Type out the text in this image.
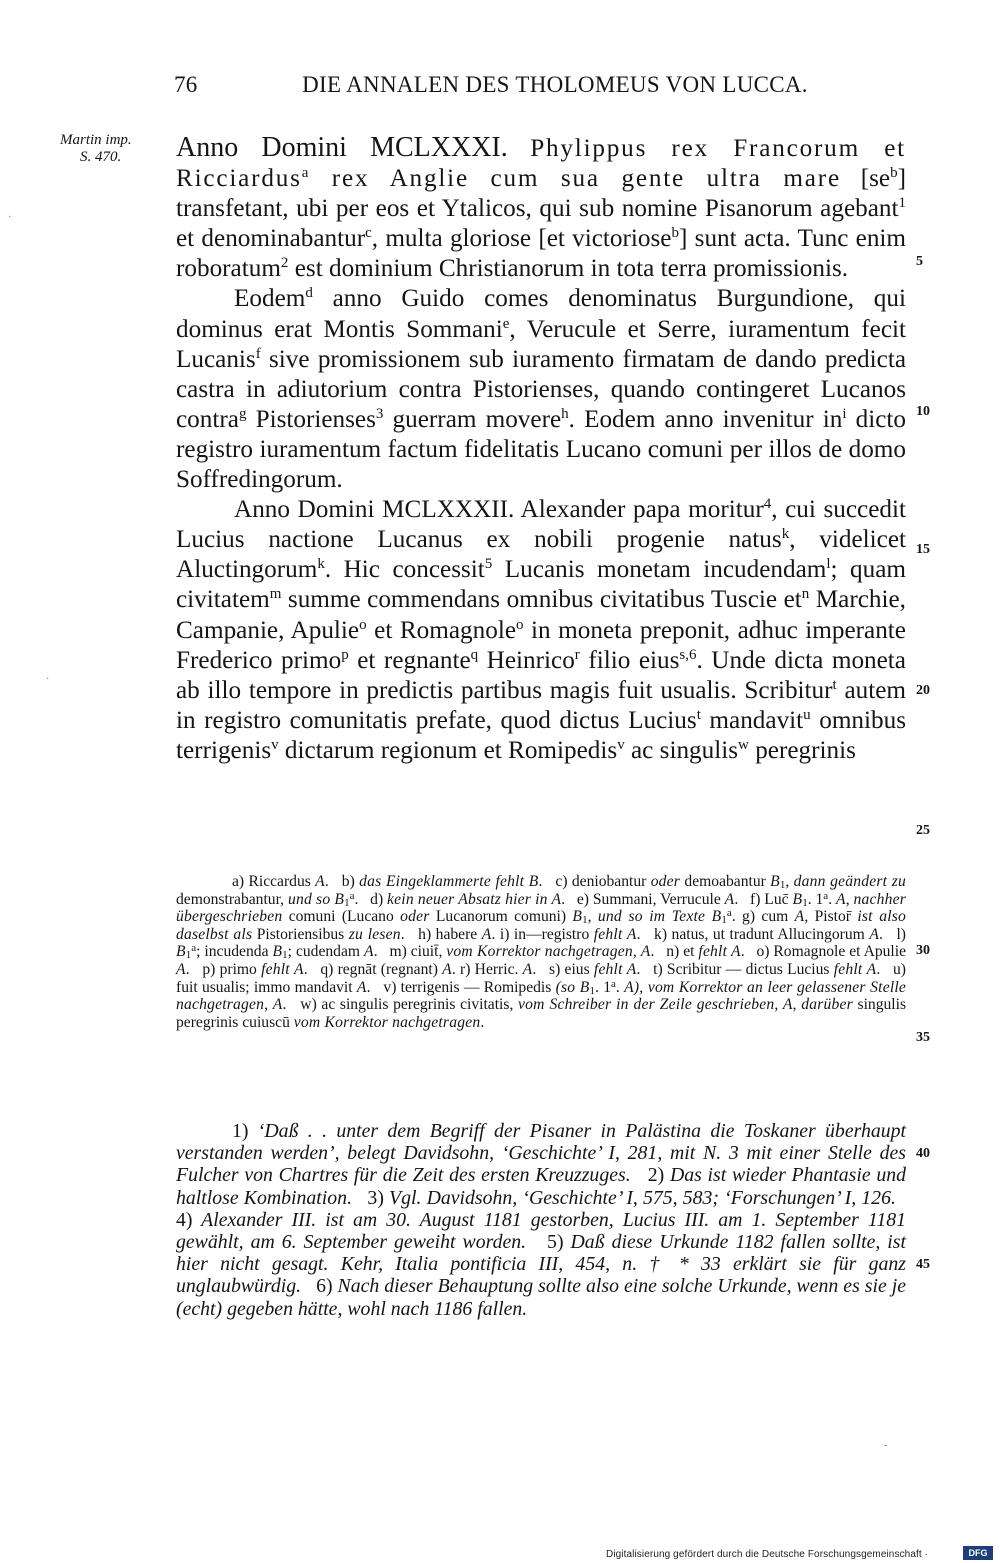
76	DIE ANNALEN DES THOLOMEUS VON LUCCA.
Martin imp.
S. 470.	Anno Domini MCLXXXI. Phylippus rex Francorum et Ricciardus$^a$ rex Anglie cum sua gente ultra mare $[se^b]$ transfetant, ubi per eos et Ytalicos, qui sub nomine Pisanorum agebant$^1$ et denominabantur$^c$, multa gloriose [et victoriose$^b$] sunt acta. Tunc enim roboratum$^2$ est dominium Christianorum in tota terra promissionis.

Eodem$^d$ anno Guido comes denominatus Burgundione, qui dominus erat Montis Sommani$^e$, Verucule et Serre, iuramentum fecit Lucanis$^f$ sive promissionem sub iuramento firmatam de dando predicta castra in adiutorium contra Pistorienses, quando contingeret Lucanos contra$^g$ Pistorienses$^3$ guerram movere$^h$. Eodem anno invenitur $in^i$ dicto registro iuramentum factum fidelitatis Lucano comuni per illos de domo Soffredingorum.

Anno Domini MCLXXXII. Alexander papa moritur$^4$, cui succedit Lucius nactione Lucanus ex nobili progenie natus$^k$, videlicet Aluctingorum$^k$. Hic concessit$^5$ Lucanis monetam incudendam$^l$; quam civitatem$^m$ summe commendans omnibus civitatibus Tuscie $et^n$ Marchie, Campanie, Apulie$^o$ et Romagnole$^o$ in moneta preponit, adhuc imperante Frederico primo$^p$ et regnante$^q$ Heinrico$^r$ filio eius$^{s,6}$. Unde dicta moneta ab illo tempore in predictis partibus magis fuit usualis. Scribitur$^t$ autem in registro comunitatis prefate, quod dictus Lucius$^t$ mandavit$^u$ omnibus terrigenis$^v$ dictarum regionum et Romipedis$^v$ ac singulis$^w$ peregrinis

5
10
15
20
25
30
35
40
45

a) Riccardus A.   b) das Eingeklammerte fehlt B.   c) deniobantur oder demoabantur $B_1$, dann geändert zu demonstrabantur, und so $B_1^a$.   d) kein neuer Absatz hier in A.   e) Summani, Verrucule A.   f) Luc̄ $B_1$. 1$^a$. A, nachher übergeschrieben comuni (Lucano oder Lucanorum comuni) $B_1$, und so im Texte $B_1^a$. g) cum A, Pistor̄ ist also daselbst als Pistoriensibus zu lesen.   h) habere A. i) in—registro fehlt A.   k) natus, ut tradunt Allucingorum A.   l) $B_1^a$; incudenda $B_1$; cudendam A.   m) ciuit̄, vom Korrektor nachgetragen, A.   n) et fehlt A.   o) Romagnole et Apulie A.   p) primo fehlt A.   q) regnāt (regnant) A. r) Herric. A.   s) eius fehlt A.   t) Scribitur — dictus Lucius fehlt A.   u) fuit usualis; immo mandavit A.   v) terrigenis — Romipedis (so $B_1$. 1$^a$. A), vom Korrektor an leer gelassener Stelle nachgetragen, A.   w) ac singulis peregrinis civitatis, vom Schreiber in der Zeile geschrieben, A, darüber singulis peregrinis cuiuscū vom Korrektor nachgetragen.

1) ‘Daß . . unter dem Begriff der Pisaner in Palästina die Toskaner überhaupt verstanden werden’, belegt Davidsohn, ‘Geschichte’ I, 281, mit N. 3 mit einer Stelle des Fulcher von Chartres für die Zeit des ersten Kreuzzuges.   2) Das ist wieder Phantasie und haltlose Kombination.   3) Vgl. Davidsohn, ‘Geschichte’ I, 575, 583; ‘Forschungen’ I, 126.   4) Alexander III. ist am 30. August 1181 gestorben, Lucius III. am 1. September 1181 gewählt, am 6. September geweiht worden.   5) Daß diese Urkunde 1182 fallen sollte, ist hier nicht gesagt. Kehr, Italia pontificia III, 454, n. † * 33 erklärt sie für ganz unglaubwürdig.   6) Nach dieser Behauptung sollte also eine solche Urkunde, wenn es sie je (echt) gegeben hätte, wohl nach 1186 fallen.

·
·
-
Digitalisierung gefördert durch die Deutsche Forschungsgemeinschaft ·	DFG
